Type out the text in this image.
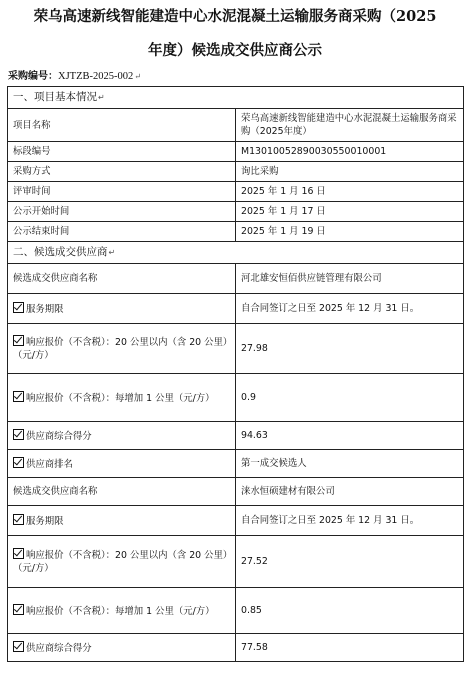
荣乌高速新线智能建造中心水泥混凝土运输服务商采购（2025
年度）候选成交供应商公示
采购编号：XJTZB-2025-002↵
一、项目基本情况↵	
项目名称	荣乌高速新线智能建造中心水泥混凝土运输服务商采购（2025年度）
标段编号	M13010052890030550010001
采购方式	询比采购
评审时间	2025 年 1 月 16 日
公示开始时间	2025 年 1 月 17 日
公示结束时间	2025 年 1 月 19 日
二、候选成交供应商↵	
候选成交供应商名称	河北雄安恒佰供应链管理有限公司
服务期限	自合同签订之日至 2025 年 12 月 31 日。
响应报价（不含税）：20 公里以内（含 20 公里）（元/方）	27.98
响应报价（不含税）：每增加 1 公里（元/方）	0.9
供应商综合得分	94.63
供应商排名	第一成交候选人
候选成交供应商名称	涞水恒硕建材有限公司
服务期限	自合同签订之日至 2025 年 12 月 31 日。
响应报价（不含税）：20 公里以内（含 20 公里）（元/方）	27.52
响应报价（不含税）：每增加 1 公里（元/方）	0.85
供应商综合得分	77.58
